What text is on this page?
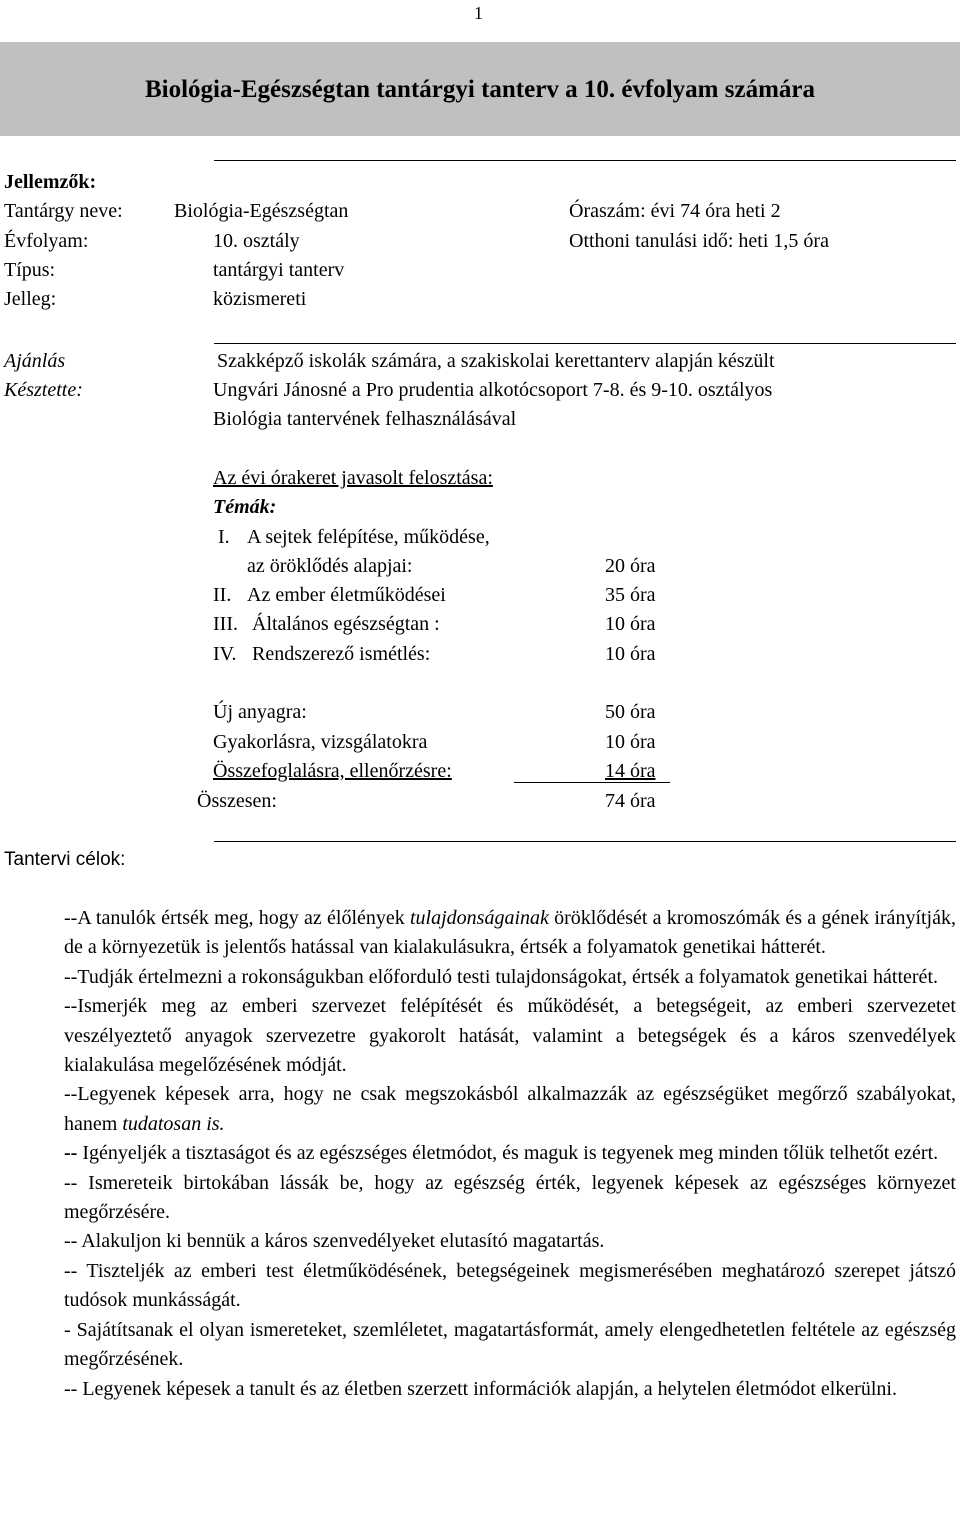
1
Biológia-Egészségtan tantárgyi tanterv a 10. évfolyam számára
Jellemzők:
Tantárgy neve:	Biológia-Egészségtan	Óraszám: évi 74 óra heti 2
Évfolyam:	10. osztály	Otthoni tanulási idő: heti 1,5 óra
Típus:	tantárgyi tanterv
Jelleg:	közismereti
Ajánlás	Szakképző iskolák számára, a szakiskolai kerettanterv alapján készült
Késztette:	Ungvári Jánosné a Pro prudentia alkotócsoport 7-8. és 9-10. osztályos
Biológia tantervének felhasználásával
Az évi órakeret javasolt felosztása:
Témák:
I. A sejtek felépítése, működése,
az öröklődés alapjai:	20 óra
II. Az ember életműködései	35 óra
III. Általános egészségtan :	10 óra
IV. Rendszerező ismétlés:	10 óra
Új anyagra:	50 óra
Gyakorlásra, vizsgálatokra	10 óra
Összefoglalásra, ellenőrzésre:	14 óra
Összesen:	74 óra
Tantervi célok:

--A tanulók értsék meg, hogy az élőlények tulajdonságainak öröklődését a kromoszómák és a gének irányítják, de a környezetük is jelentős hatással van kialakulásukra, értsék a folyamatok genetikai hátterét.

--Tudják értelmezni a rokonságukban előforduló testi tulajdonságokat, értsék a folyamatok genetikai hátterét.

--Ismerjék meg az emberi szervezet felépítését és működését, a betegségeit, az emberi szervezetet veszélyeztető anyagok szervezetre gyakorolt hatását, valamint a betegségek és a káros szenvedélyek kialakulása megelőzésének módját.

--Legyenek képesek arra, hogy ne csak megszokásból alkalmazzák az egészségüket megőrző szabályokat, hanem tudatosan is.

-- Igényeljék a tisztaságot és az egészséges életmódot, és maguk is tegyenek meg minden tőlük telhetőt ezért.

-- Ismereteik birtokában lássák be, hogy az egészség érték, legyenek képesek az egészséges környezet megőrzésére.

-- Alakuljon ki bennük a káros szenvedélyeket elutasító magatartás.

-- Tiszteljék az emberi test életműködésének, betegségeinek megismerésében meghatározó szerepet játszó tudósok munkásságát.

- Sajátítsanak el olyan ismereteket, szemléletet, magatartásformát, amely elengedhetetlen feltétele az egészség megőrzésének.

-- Legyenek képesek a tanult és az életben szerzett információk alapján, a helytelen életmódot elkerülni.
